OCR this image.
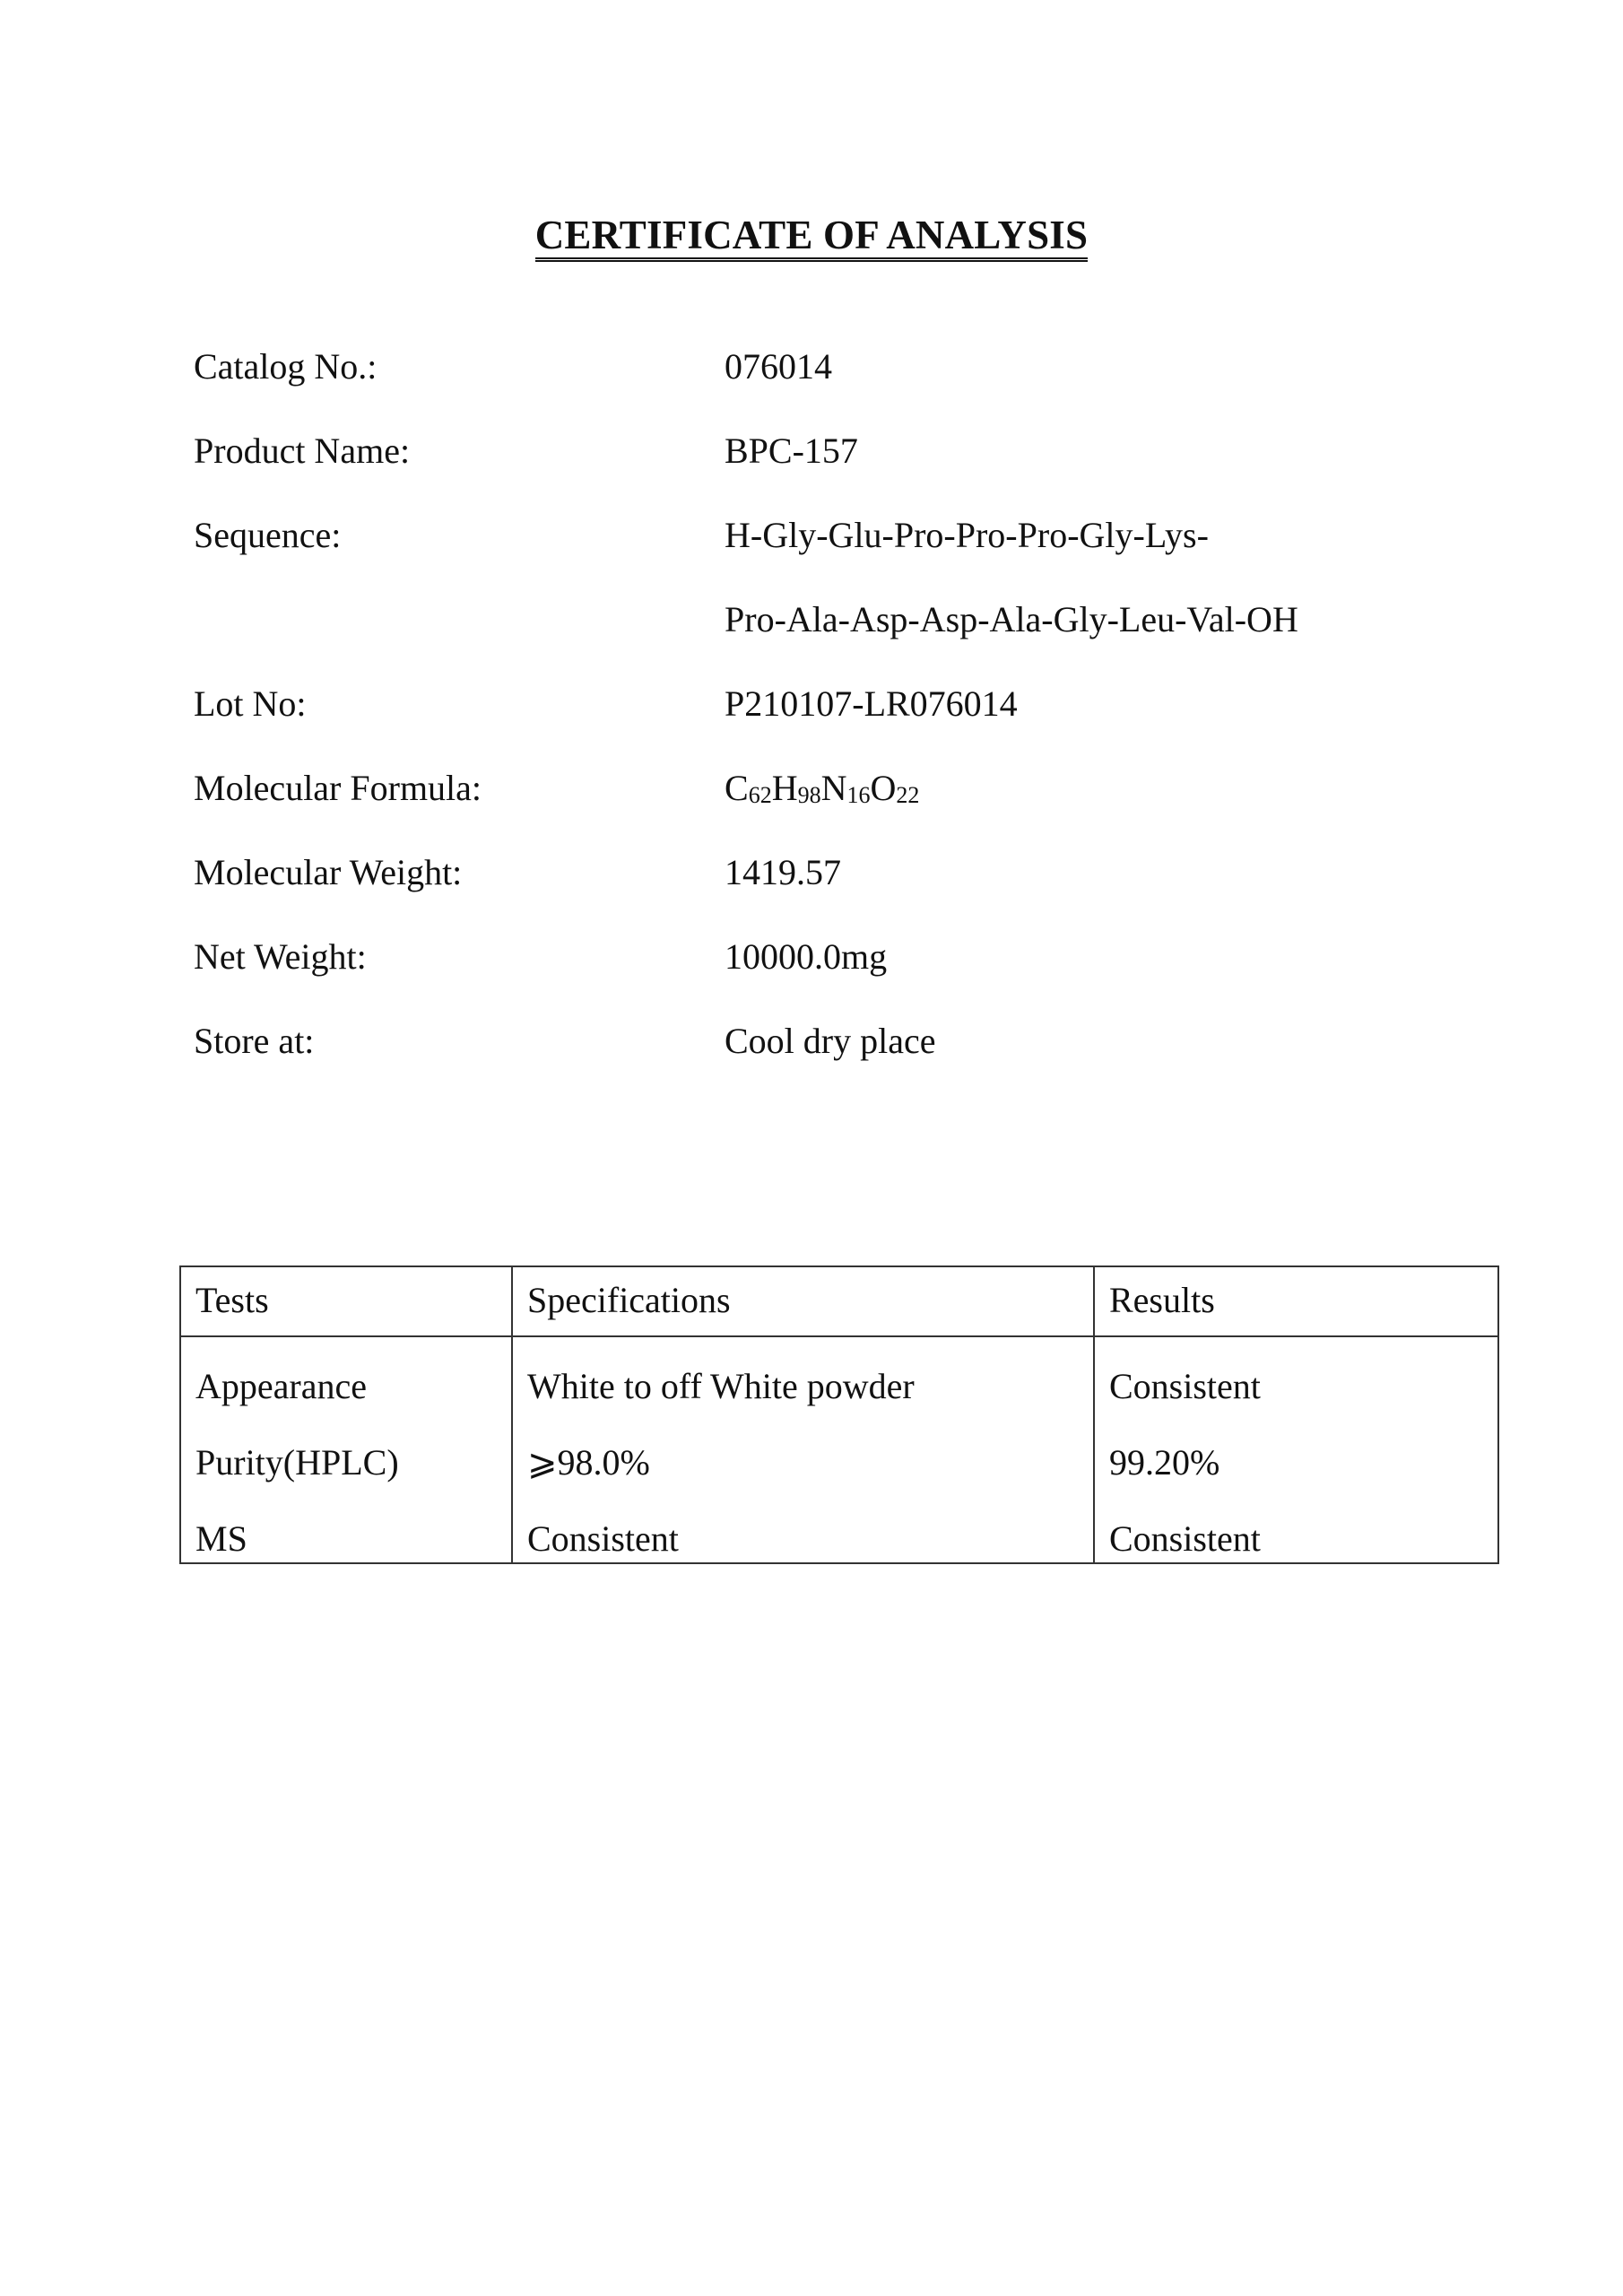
CERTIFICATE OF ANALYSIS
Catalog No.:	076014
Product Name:	BPC-157
Sequence:	H-Gly-Glu-Pro-Pro-Pro-Gly-Lys-
Pro-Ala-Asp-Asp-Ala-Gly-Leu-Val-OH
Lot No:	P210107-LR076014
Molecular Formula:	$C_{62}H_{98}N_{16}O_{22}$
Molecular Weight:	1419.57
Net Weight:	10000.0mg
Store at:	Cool dry place
Tests	Specifications	Results
Appearance	White to off White powder	Consistent
Purity(HPLC)	⩾98.0%	99.20%
MS	Consistent	Consistent
